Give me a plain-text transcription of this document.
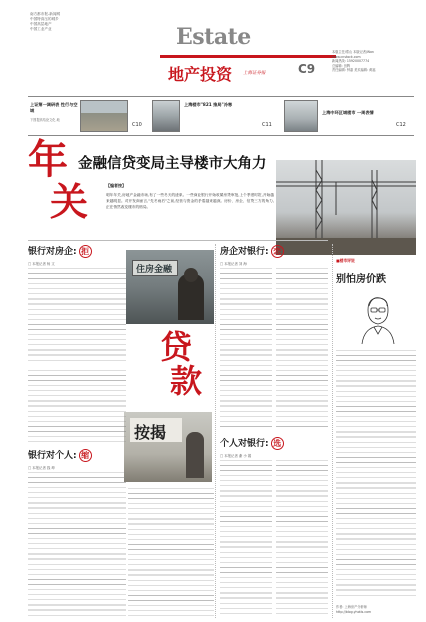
南方都市报-新闻网
中国特高压的城乡
中国高层地产
中国工业产业	Estate
地产投资 上海证券报	C9
本版主任/郑山 本版记者/Wan
www.cnstock.com
新闻热线: 15920007774
总编辑: 田辉
责任编辑: 钟嘉 美术编辑: 黄福
上证第一调研表 性行与空域
下图提高结论文化 地
C10
上海楼市"821 推局"冷寒
C11
上海中环区域楼市 一周表情
C12
年
关
金融信贷变局主导楼市大角力
【编者按】
明年年关,房地产金融市场,有了一些冬天的迹象。一些商业银行开始收紧房贷审批,上个季度时报,开始越来越明显。对开发商而言,"先冬雨后"之前,经营与资金的矛盾越来越深。房价、房企、信贷三方的角力,正在悄然改变楼市的格局。
银行对房企: 拒
□ 本报记者 杨 文
住房金融
贷
款
按揭
银行对个人: 缩
□ 本报记者 钱 坤
房企对银行: 恋
□ 本报记者 刘 海
个人对银行: 选
□ 本报记者 谢 小 娟
■楼市评说
别怕房价跌
作者: 上海房产分析师
http://blog.yhotis.com
